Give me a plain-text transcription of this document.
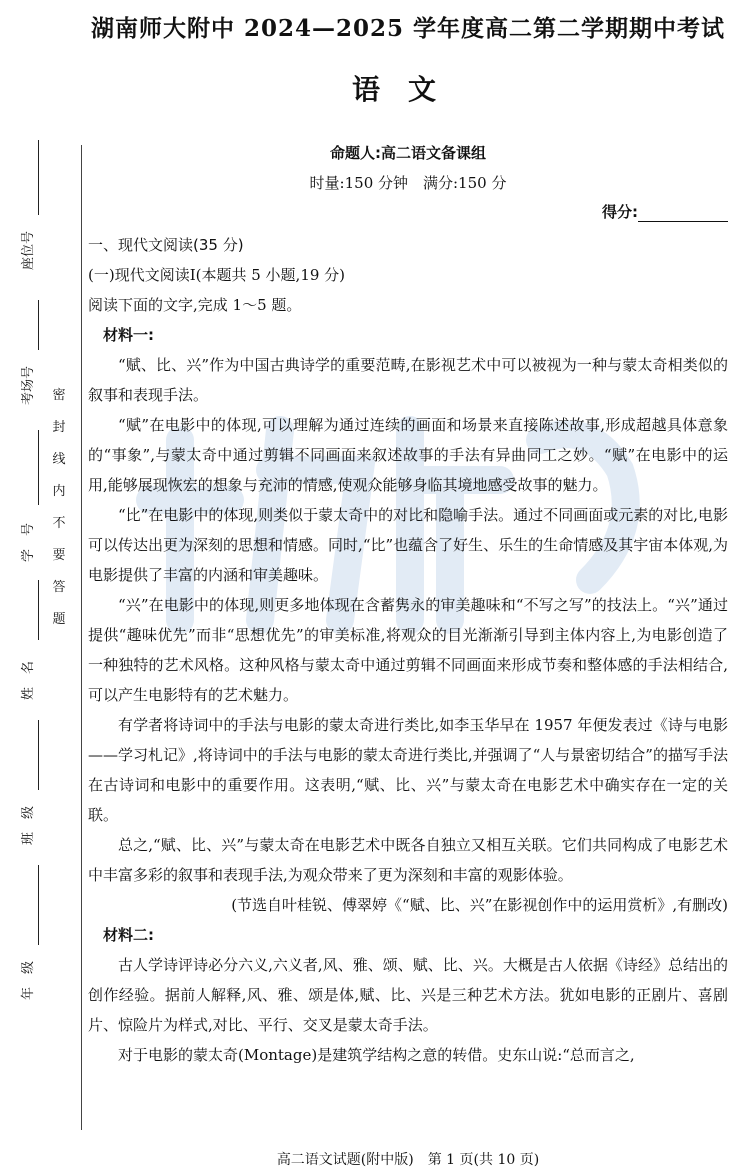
座位号
考场号
学　号
姓　名
班　级
年　级
密封线内不要答题
湖南师大附中 2024—2025 学年度高二第二学期期中考试
语文
命题人:高二语文备课组
时量:150 分钟　满分:150 分
得分:

一、现代文阅读(35 分)

(一)现代文阅读Ⅰ(本题共 5 小题,19 分)

阅读下面的文字,完成 1～5 题。

材料一:

“赋、比、兴”作为中国古典诗学的重要范畴,在影视艺术中可以被视为一种与蒙太奇相类似的叙事和表现手法。

“赋”在电影中的体现,可以理解为通过连续的画面和场景来直接陈述故事,形成超越具体意象的“事象”,与蒙太奇中通过剪辑不同画面来叙述故事的手法有异曲同工之妙。“赋”在电影中的运用,能够展现恢宏的想象与充沛的情感,使观众能够身临其境地感受故事的魅力。

“比”在电影中的体现,则类似于蒙太奇中的对比和隐喻手法。通过不同画面或元素的对比,电影可以传达出更为深刻的思想和情感。同时,“比”也蕴含了好生、乐生的生命情感及其宇宙本体观,为电影提供了丰富的内涵和审美趣味。

“兴”在电影中的体现,则更多地体现在含蓄隽永的审美趣味和“不写之写”的技法上。“兴”通过提供“趣味优先”而非“思想优先”的审美标准,将观众的目光渐渐引导到主体内容上,为电影创造了一种独特的艺术风格。这种风格与蒙太奇中通过剪辑不同画面来形成节奏和整体感的手法相结合,可以产生电影特有的艺术魅力。

有学者将诗词中的手法与电影的蒙太奇进行类比,如李玉华早在 1957 年便发表过《诗与电影——学习札记》,将诗词中的手法与电影的蒙太奇进行类比,并强调了“人与景密切结合”的描写手法在古诗词和电影中的重要作用。这表明,“赋、比、兴”与蒙太奇在电影艺术中确实存在一定的关联。

总之,“赋、比、兴”与蒙太奇在电影艺术中既各自独立又相互关联。它们共同构成了电影艺术中丰富多彩的叙事和表现手法,为观众带来了更为深刻和丰富的观影体验。

(节选自叶桂锐、傅翠婷《“赋、比、兴”在影视创作中的运用赏析》,有删改)

材料二:

古人学诗评诗必分六义,六义者,风、雅、颂、赋、比、兴。大概是古人依据《诗经》总结出的创作经验。据前人解释,风、雅、颂是体,赋、比、兴是三种艺术方法。犹如电影的正剧片、喜剧片、惊险片为样式,对比、平行、交叉是蒙太奇手法。

对于电影的蒙太奇(Montage)是建筑学结构之意的转借。史东山说:“总而言之,

高二语文试题(附中版)　第 1 页(共 10 页)
